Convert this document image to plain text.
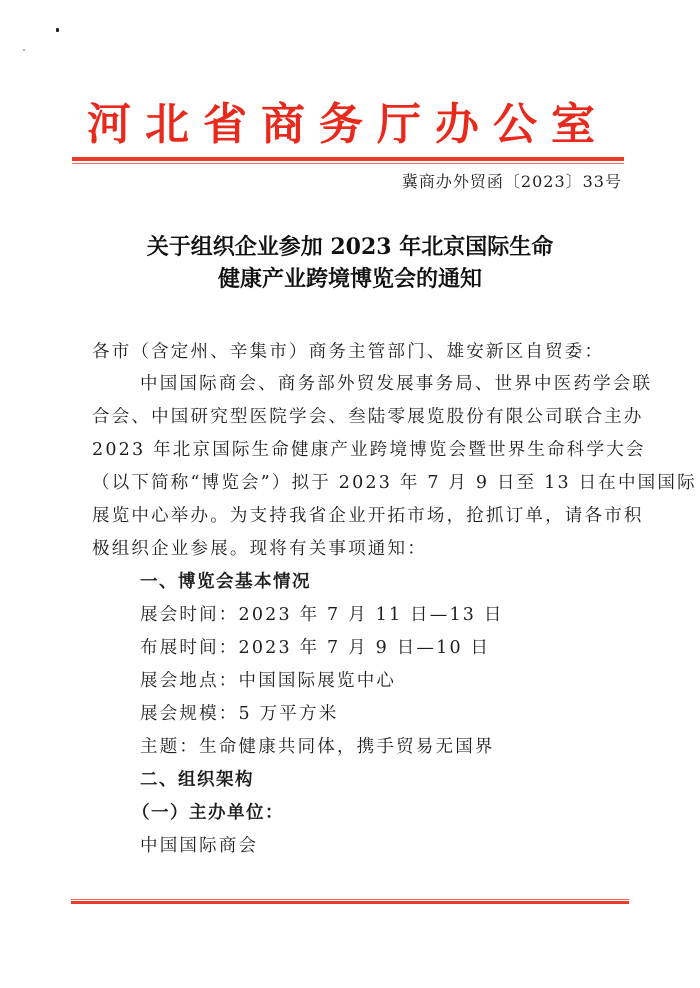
河北省商务厅办公室
冀商办外贸函〔2023〕33号
关于组织企业参加 2023 年北京国际生命
健康产业跨境博览会的通知
各市（含定州、辛集市）商务主管部门、雄安新区自贸委：
中国国际商会、商务部外贸发展事务局、世界中医药学会联
合会、中国研究型医院学会、叁陆零展览股份有限公司联合主办
2023 年北京国际生命健康产业跨境博览会暨世界生命科学大会
（以下简称“博览会”）拟于 2023 年 7 月 9 日至 13 日在中国国际
展览中心举办。为支持我省企业开拓市场，抢抓订单，请各市积
极组织企业参展。现将有关事项通知：
一、博览会基本情况
展会时间：2023 年 7 月 11 日—13 日
布展时间：2023 年 7 月 9 日—10 日
展会地点：中国国际展览中心
展会规模：5 万平方米
主题：生命健康共同体，携手贸易无国界
二、组织架构
（一）主办单位：
中国国际商会
